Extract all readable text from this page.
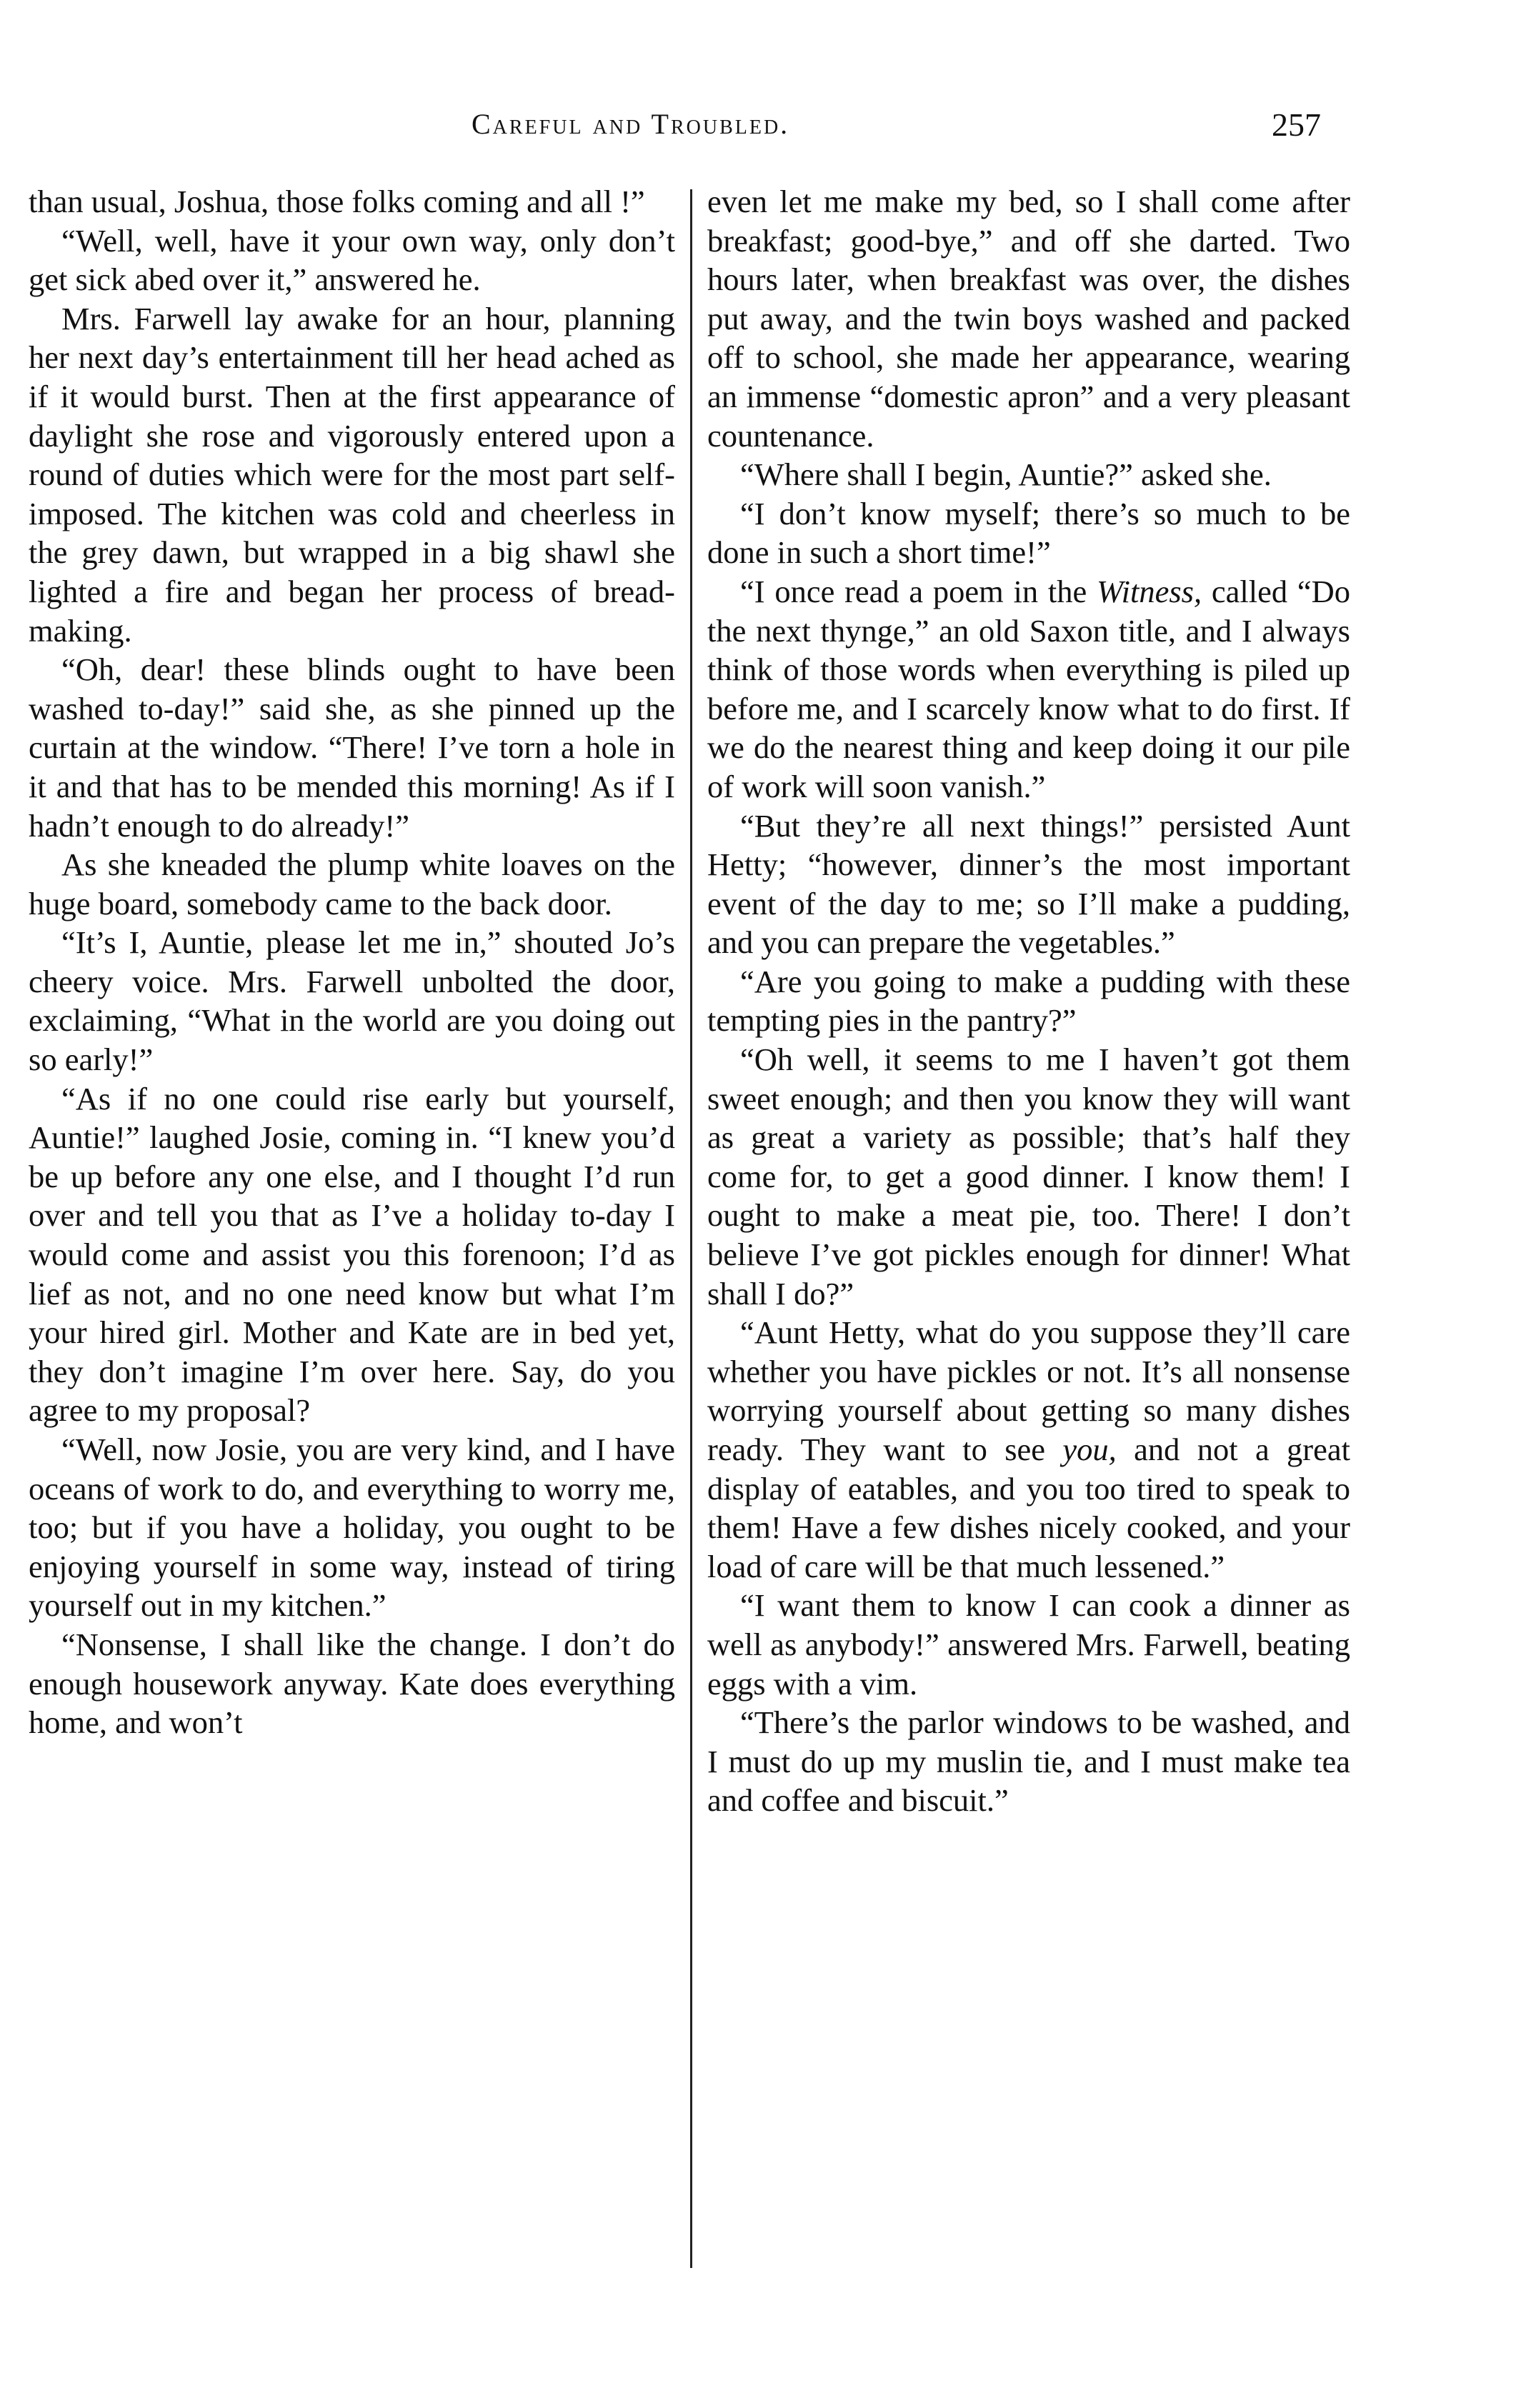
Careful and Troubled.	257

than usual, Joshua, those folks coming and all !”

“Well, well, have it your own way, only don’t get sick abed over it,” answered he.

Mrs. Farwell lay awake for an hour, planning her next day’s entertainment till her head ached as if it would burst. Then at the first appearance of daylight she rose and vigorously entered upon a round of duties which were for the most part self-imposed. The kitchen was cold and cheerless in the grey dawn, but wrapped in a big shawl she lighted a fire and began her process of bread-making.

“Oh, dear! these blinds ought to have been washed to-day!” said she, as she pinned up the curtain at the window. “There! I’ve torn a hole in it and that has to be mended this morning! As if I hadn’t enough to do already!”

As she kneaded the plump white loaves on the huge board, somebody came to the back door.

“It’s I, Auntie, please let me in,” shouted Jo’s cheery voice. Mrs. Farwell unbolted the door, exclaiming, “What in the world are you doing out so early!”

“As if no one could rise early but yourself, Auntie!” laughed Josie, coming in. “I knew you’d be up before any one else, and I thought I’d run over and tell you that as I’ve a holiday to-day I would come and assist you this forenoon; I’d as lief as not, and no one need know but what I’m your hired girl. Mother and Kate are in bed yet, they don’t imagine I’m over here. Say, do you agree to my proposal?

“Well, now Josie, you are very kind, and I have oceans of work to do, and everything to worry me, too; but if you have a holiday, you ought to be enjoying yourself in some way, instead of tiring yourself out in my kitchen.”

“Nonsense, I shall like the change. I don’t do enough housework anyway. Kate does everything home, and won’t

even let me make my bed, so I shall come after breakfast; good-bye,” and off she darted. Two hours later, when breakfast was over, the dishes put away, and the twin boys washed and packed off to school, she made her appearance, wearing an immense “domestic apron” and a very pleasant countenance.

“Where shall I begin, Auntie?” asked she.

“I don’t know myself; there’s so much to be done in such a short time!”

“I once read a poem in the Witness, called “Do the next thynge,” an old Saxon title, and I always think of those words when everything is piled up before me, and I scarcely know what to do first. If we do the nearest thing and keep doing it our pile of work will soon vanish.”

“But they’re all next things!” persisted Aunt Hetty; “however, dinner’s the most important event of the day to me; so I’ll make a pudding, and you can prepare the vegetables.”

“Are you going to make a pudding with these tempting pies in the pantry?”

“Oh well, it seems to me I haven’t got them sweet enough; and then you know they will want as great a variety as possible; that’s half they come for, to get a good dinner. I know them! I ought to make a meat pie, too. There! I don’t believe I’ve got pickles enough for dinner! What shall I do?”

“Aunt Hetty, what do you suppose they’ll care whether you have pickles or not. It’s all nonsense worrying yourself about getting so many dishes ready. They want to see you, and not a great display of eatables, and you too tired to speak to them! Have a few dishes nicely cooked, and your load of care will be that much lessened.”

“I want them to know I can cook a dinner as well as anybody!” answered Mrs. Farwell, beating eggs with a vim.

“There’s the parlor windows to be washed, and I must do up my muslin tie, and I must make tea and coffee and biscuit.”
